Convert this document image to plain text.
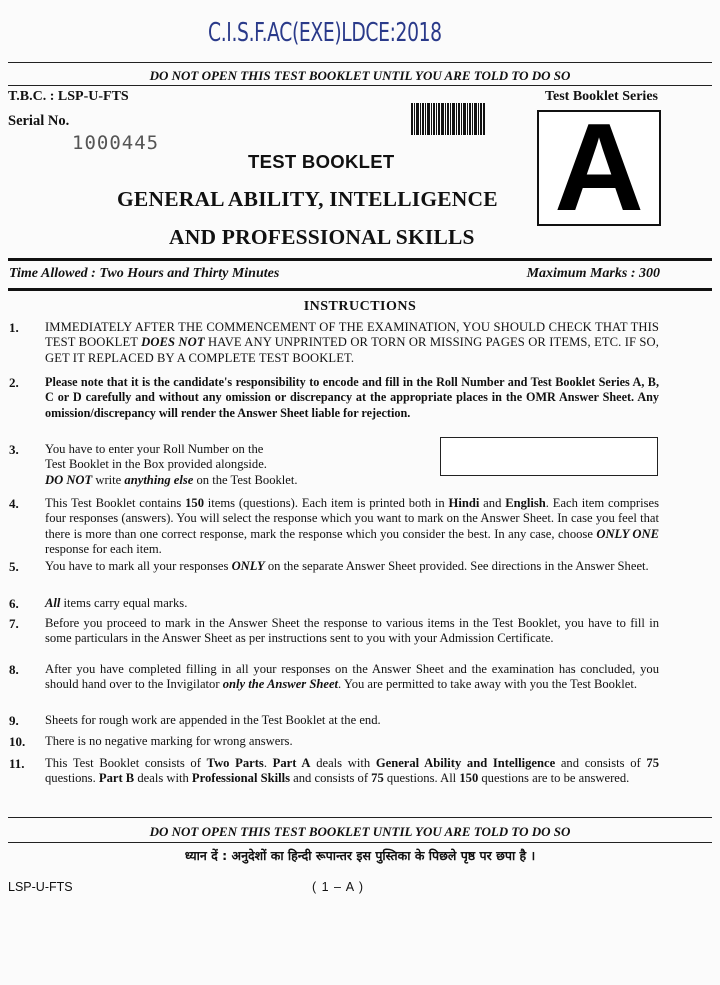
C.I.S.F.AC(EXE)LDCE:2018
DO NOT OPEN THIS TEST BOOKLET UNTIL YOU ARE TOLD TO DO SO
T.B.C. : LSP-U-FTS
Serial No.
1000445
Test Booklet Series
A
TEST BOOKLET
GENERAL ABILITY, INTELLIGENCE
AND PROFESSIONAL SKILLS
Time Allowed : Two Hours and Thirty Minutes	Maximum Marks : 300
INSTRUCTIONS
1. IMMEDIATELY AFTER THE COMMENCEMENT OF THE EXAMINATION, YOU SHOULD CHECK THAT THIS TEST BOOKLET DOES NOT HAVE ANY UNPRINTED OR TORN OR MISSING PAGES OR ITEMS, ETC. IF SO, GET IT REPLACED BY A COMPLETE TEST BOOKLET.
2. Please note that it is the candidate's responsibility to encode and fill in the Roll Number and Test Booklet Series A, B, C or D carefully and without any omission or discrepancy at the appropriate places in the OMR Answer Sheet. Any omission/discrepancy will render the Answer Sheet liable for rejection.
3. You have to enter your Roll Number on the
Test Booklet in the Box provided alongside.
DO NOT write anything else on the Test Booklet.
4. This Test Booklet contains 150 items (questions). Each item is printed both in Hindi and English. Each item comprises four responses (answers). You will select the response which you want to mark on the Answer Sheet. In case you feel that there is more than one correct response, mark the response which you consider the best. In any case, choose ONLY ONE response for each item.
5. You have to mark all your responses ONLY on the separate Answer Sheet provided. See directions in the Answer Sheet.
6. All items carry equal marks.
7. Before you proceed to mark in the Answer Sheet the response to various items in the Test Booklet, you have to fill in some particulars in the Answer Sheet as per instructions sent to you with your Admission Certificate.
8. After you have completed filling in all your responses on the Answer Sheet and the examination has concluded, you should hand over to the Invigilator only the Answer Sheet. You are permitted to take away with you the Test Booklet.
9. Sheets for rough work are appended in the Test Booklet at the end.
10. There is no negative marking for wrong answers.
11. This Test Booklet consists of Two Parts. Part A deals with General Ability and Intelligence and consists of 75 questions. Part B deals with Professional Skills and consists of 75 questions. All 150 questions are to be answered.
DO NOT OPEN THIS TEST BOOKLET UNTIL YOU ARE TOLD TO DO SO
ध्यान दें : अनुदेशों का हिन्दी रूपान्तर इस पुस्तिका के पिछले पृष्ठ पर छपा है ।
LSP-U-FTS	( 1 – A )
